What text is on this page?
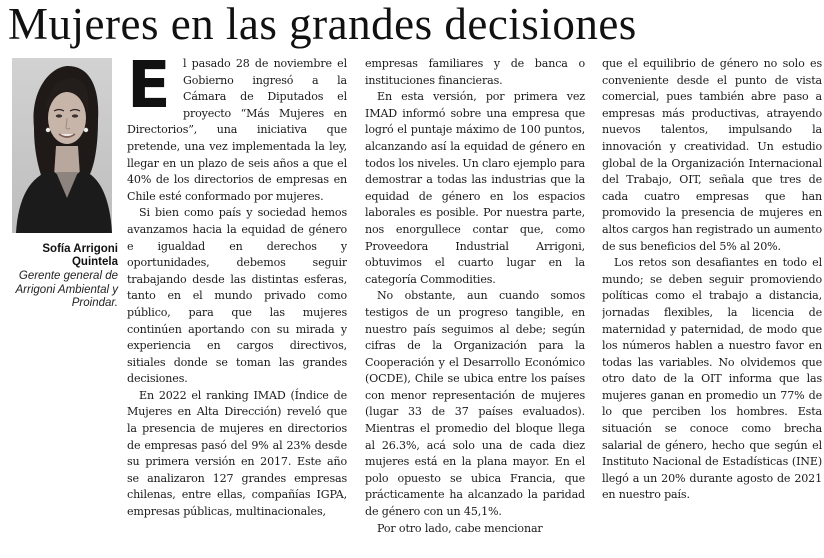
Mujeres en las grandes decisiones
Sofía Arrigoni Quintela
Gerente general de Arrigoni Ambiental y Proindar.
E	l pasado 28 de noviembre el Gobierno ingresó a la Cámara de Diputados el proyecto “Más Mujeres en Directorios”, una iniciativa que pretende, una vez implementada la ley, llegar en un plazo de seis años a que el 40% de los directorios de empresas en Chile esté conformado por mujeres.

Si bien como país y sociedad hemos avanzamos hacia la equidad de género e igualdad en derechos y oportunidades, debemos seguir trabajando desde las distintas esferas, tanto en el mundo privado como público, para que las mujeres continúen aportando con su mirada y experiencia en cargos directivos, sitiales donde se toman las grandes decisiones.

En 2022 el ranking IMAD (Índice de Mujeres en Alta Dirección) reveló que la presencia de mujeres en directorios de empresas pasó del 9% al 23% desde su primera versión en 2017. Este año se analizaron 127 grandes empresas chilenas, entre ellas, compañías IGPA, empresas públicas, multinacionales,

empresas familiares y de banca o instituciones financieras.

En esta versión, por primera vez IMAD informó sobre una empresa que logró el puntaje máximo de 100 puntos, alcanzando así la equidad de género en todos los niveles. Un claro ejemplo para demostrar a todas las industrias que la equidad de género en los espacios laborales es posible. Por nuestra parte, nos enorgullece contar que, como Proveedora Industrial Arrigoni, obtuvimos el cuarto lugar en la categoría Commodities.

No obstante, aun cuando somos testigos de un progreso tangible, en nuestro país seguimos al debe; según cifras de la Organización para la Cooperación y el Desarrollo Económico (OCDE), Chile se ubica entre los países con menor representación de mujeres (lugar 33 de 37 países evaluados). Mientras el promedio del bloque llega al 26.3%, acá solo una de cada diez mujeres está en la plana mayor. En el polo opuesto se ubica Francia, que prácticamente ha alcanzado la paridad de género con un 45,1%.

Por otro lado, cabe mencionar

que el equilibrio de género no solo es conveniente desde el punto de vista comercial, pues también abre paso a empresas más productivas, atrayendo nuevos talentos, impulsando la innovación y creatividad. Un estudio global de la Organización Internacional del Trabajo, OIT, señala que tres de cada cuatro empresas que han promovido la presencia de mujeres en altos cargos han registrado un aumento de sus beneficios del 5% al 20%.

Los retos son desafiantes en todo el mundo; se deben seguir promoviendo políticas como el trabajo a distancia, jornadas flexibles, la licencia de maternidad y paternidad, de modo que los números hablen a nuestro favor en todas las variables. No olvidemos que otro dato de la OIT informa que las mujeres ganan en promedio un 77% de lo que perciben los hombres. Esta situación se conoce como brecha salarial de género, hecho que según el Instituto Nacional de Estadísticas (INE) llegó a un 20% durante agosto de 2021 en nuestro país.
